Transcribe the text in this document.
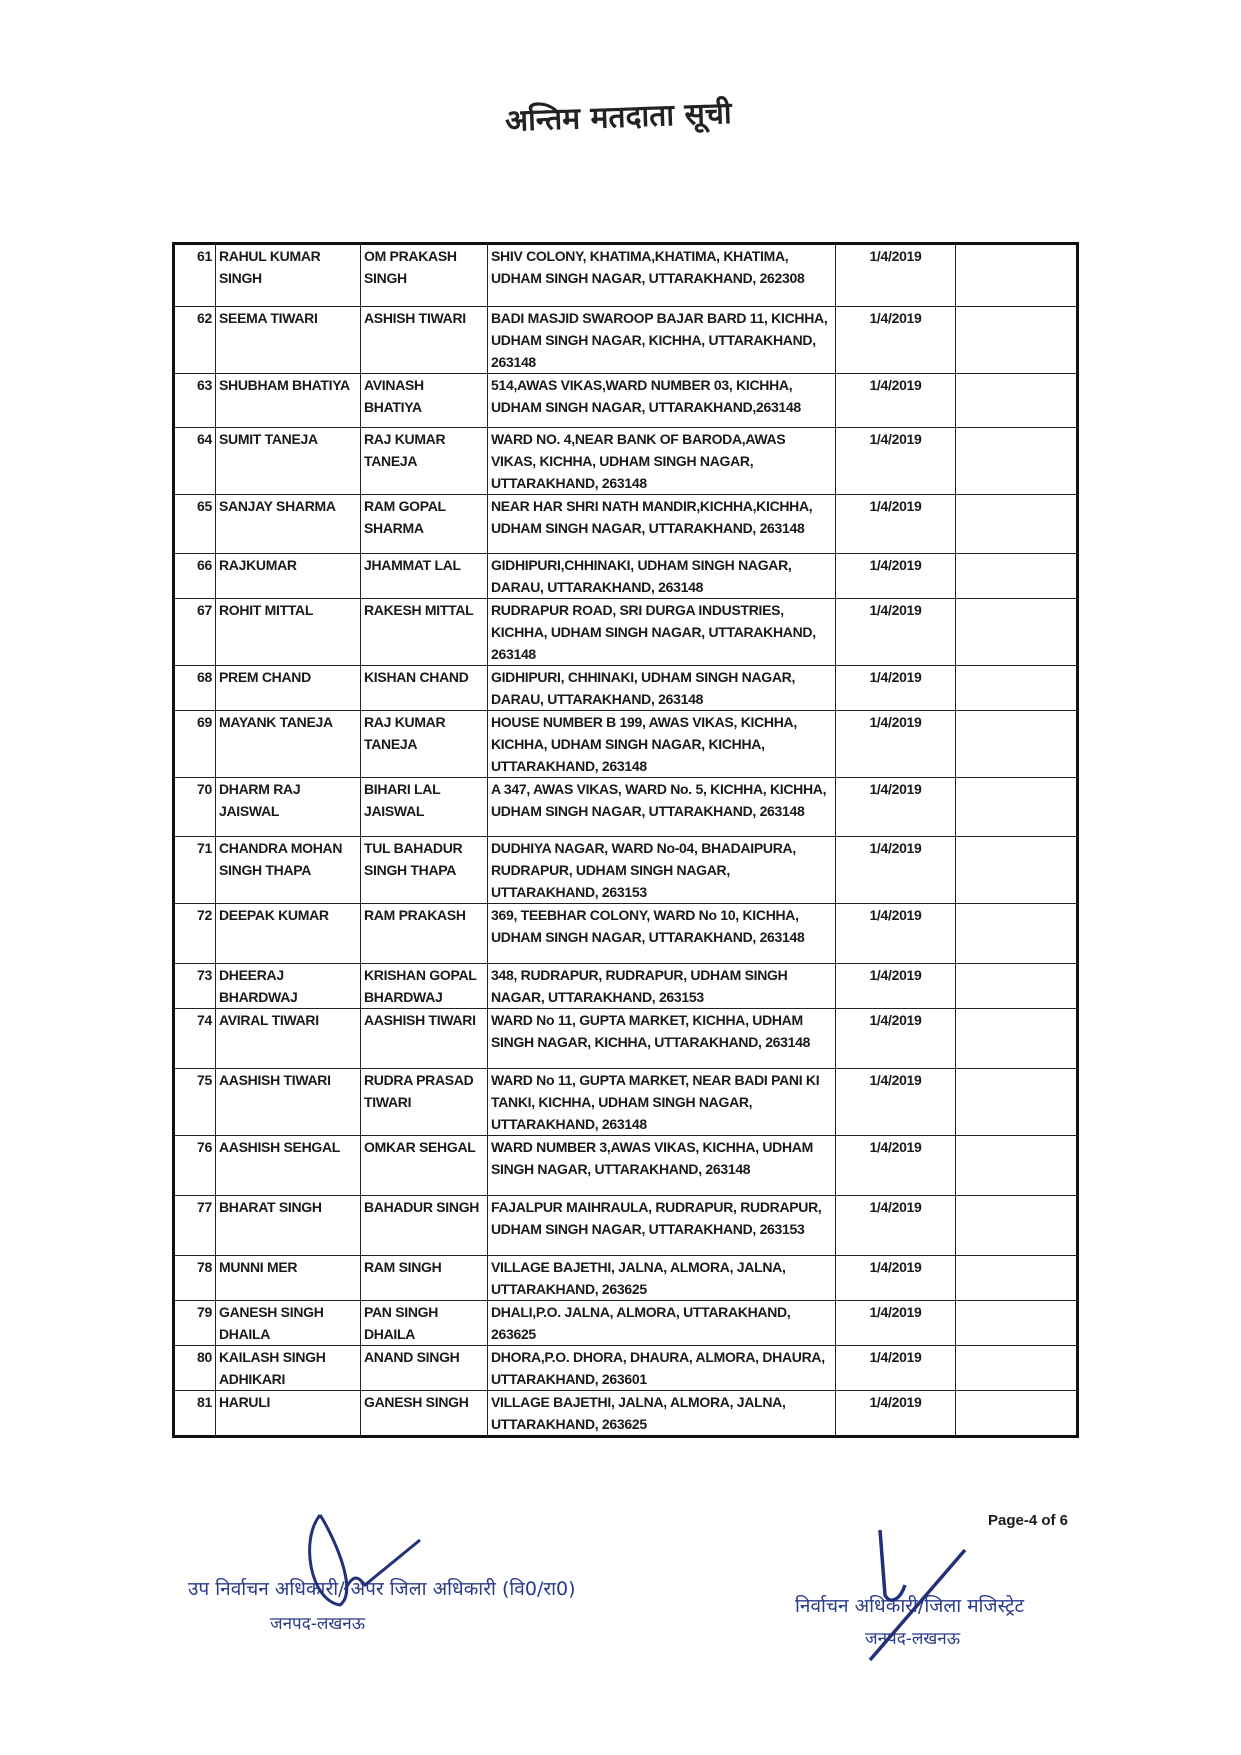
अन्तिम मतदाता सूची
61	RAHUL KUMAR SINGH	OM PRAKASH SINGH	SHIV COLONY, KHATIMA,KHATIMA, KHATIMA, UDHAM SINGH NAGAR, UTTARAKHAND, 262308	1/4/2019	
62	SEEMA TIWARI	ASHISH TIWARI	BADI MASJID SWAROOP BAJAR BARD 11, KICHHA, UDHAM SINGH NAGAR, KICHHA, UTTARAKHAND, 263148	1/4/2019	
63	SHUBHAM BHATIYA	AVINASH BHATIYA	514,AWAS VIKAS,WARD NUMBER 03, KICHHA, UDHAM SINGH NAGAR, UTTARAKHAND,263148	1/4/2019	
64	SUMIT TANEJA	RAJ KUMAR TANEJA	WARD NO. 4,NEAR BANK OF BARODA,AWAS VIKAS, KICHHA, UDHAM SINGH NAGAR, UTTARAKHAND, 263148	1/4/2019	
65	SANJAY SHARMA	RAM GOPAL SHARMA	NEAR HAR SHRI NATH MANDIR,KICHHA,KICHHA, UDHAM SINGH NAGAR, UTTARAKHAND, 263148	1/4/2019	
66	RAJKUMAR	JHAMMAT LAL	GIDHIPURI,CHHINAKI, UDHAM SINGH NAGAR, DARAU, UTTARAKHAND, 263148	1/4/2019	
67	ROHIT MITTAL	RAKESH MITTAL	RUDRAPUR ROAD, SRI DURGA INDUSTRIES, KICHHA, UDHAM SINGH NAGAR, UTTARAKHAND, 263148	1/4/2019	
68	PREM CHAND	KISHAN CHAND	GIDHIPURI, CHHINAKI, UDHAM SINGH NAGAR, DARAU, UTTARAKHAND, 263148	1/4/2019	
69	MAYANK TANEJA	RAJ KUMAR TANEJA	HOUSE NUMBER B 199, AWAS VIKAS, KICHHA, KICHHA, UDHAM SINGH NAGAR, KICHHA, UTTARAKHAND, 263148	1/4/2019	
70	DHARM RAJ JAISWAL	BIHARI LAL JAISWAL	A 347, AWAS VIKAS, WARD No. 5, KICHHA, KICHHA, UDHAM SINGH NAGAR, UTTARAKHAND, 263148	1/4/2019	
71	CHANDRA MOHAN SINGH THAPA	TUL BAHADUR SINGH THAPA	DUDHIYA NAGAR, WARD No-04, BHADAIPURA, RUDRAPUR, UDHAM SINGH NAGAR, UTTARAKHAND, 263153	1/4/2019	
72	DEEPAK KUMAR	RAM PRAKASH	369, TEEBHAR COLONY, WARD No 10, KICHHA, UDHAM SINGH NAGAR, UTTARAKHAND, 263148	1/4/2019	
73	DHEERAJ BHARDWAJ	KRISHAN GOPAL BHARDWAJ	348, RUDRAPUR, RUDRAPUR, UDHAM SINGH NAGAR, UTTARAKHAND, 263153	1/4/2019	
74	AVIRAL TIWARI	AASHISH TIWARI	WARD No 11, GUPTA MARKET, KICHHA, UDHAM SINGH NAGAR, KICHHA, UTTARAKHAND, 263148	1/4/2019	
75	AASHISH TIWARI	RUDRA PRASAD TIWARI	WARD No 11, GUPTA MARKET, NEAR BADI PANI KI TANKI, KICHHA, UDHAM SINGH NAGAR, UTTARAKHAND, 263148	1/4/2019	
76	AASHISH SEHGAL	OMKAR SEHGAL	WARD NUMBER 3,AWAS VIKAS, KICHHA, UDHAM SINGH NAGAR, UTTARAKHAND, 263148	1/4/2019	
77	BHARAT SINGH	BAHADUR SINGH	FAJALPUR MAIHRAULA, RUDRAPUR, RUDRAPUR, UDHAM SINGH NAGAR, UTTARAKHAND, 263153	1/4/2019	
78	MUNNI MER	RAM SINGH	VILLAGE BAJETHI, JALNA, ALMORA, JALNA, UTTARAKHAND, 263625	1/4/2019	
79	GANESH SINGH DHAILA	PAN SINGH DHAILA	DHALI,P.O. JALNA, ALMORA, UTTARAKHAND, 263625	1/4/2019	
80	KAILASH SINGH ADHIKARI	ANAND SINGH	DHORA,P.O. DHORA, DHAURA, ALMORA, DHAURA, UTTARAKHAND, 263601	1/4/2019	
81	HARULI	GANESH SINGH	VILLAGE BAJETHI, JALNA, ALMORA, JALNA, UTTARAKHAND, 263625	1/4/2019	
Page-4 of 6
उप निर्वाचन अधिकारी/ अपर जिला अधिकारी (वि0/रा0)
जनपद-लखनऊ
निर्वाचन अधिकारी/जिला मजिस्ट्रेट
जनपद-लखनऊ
